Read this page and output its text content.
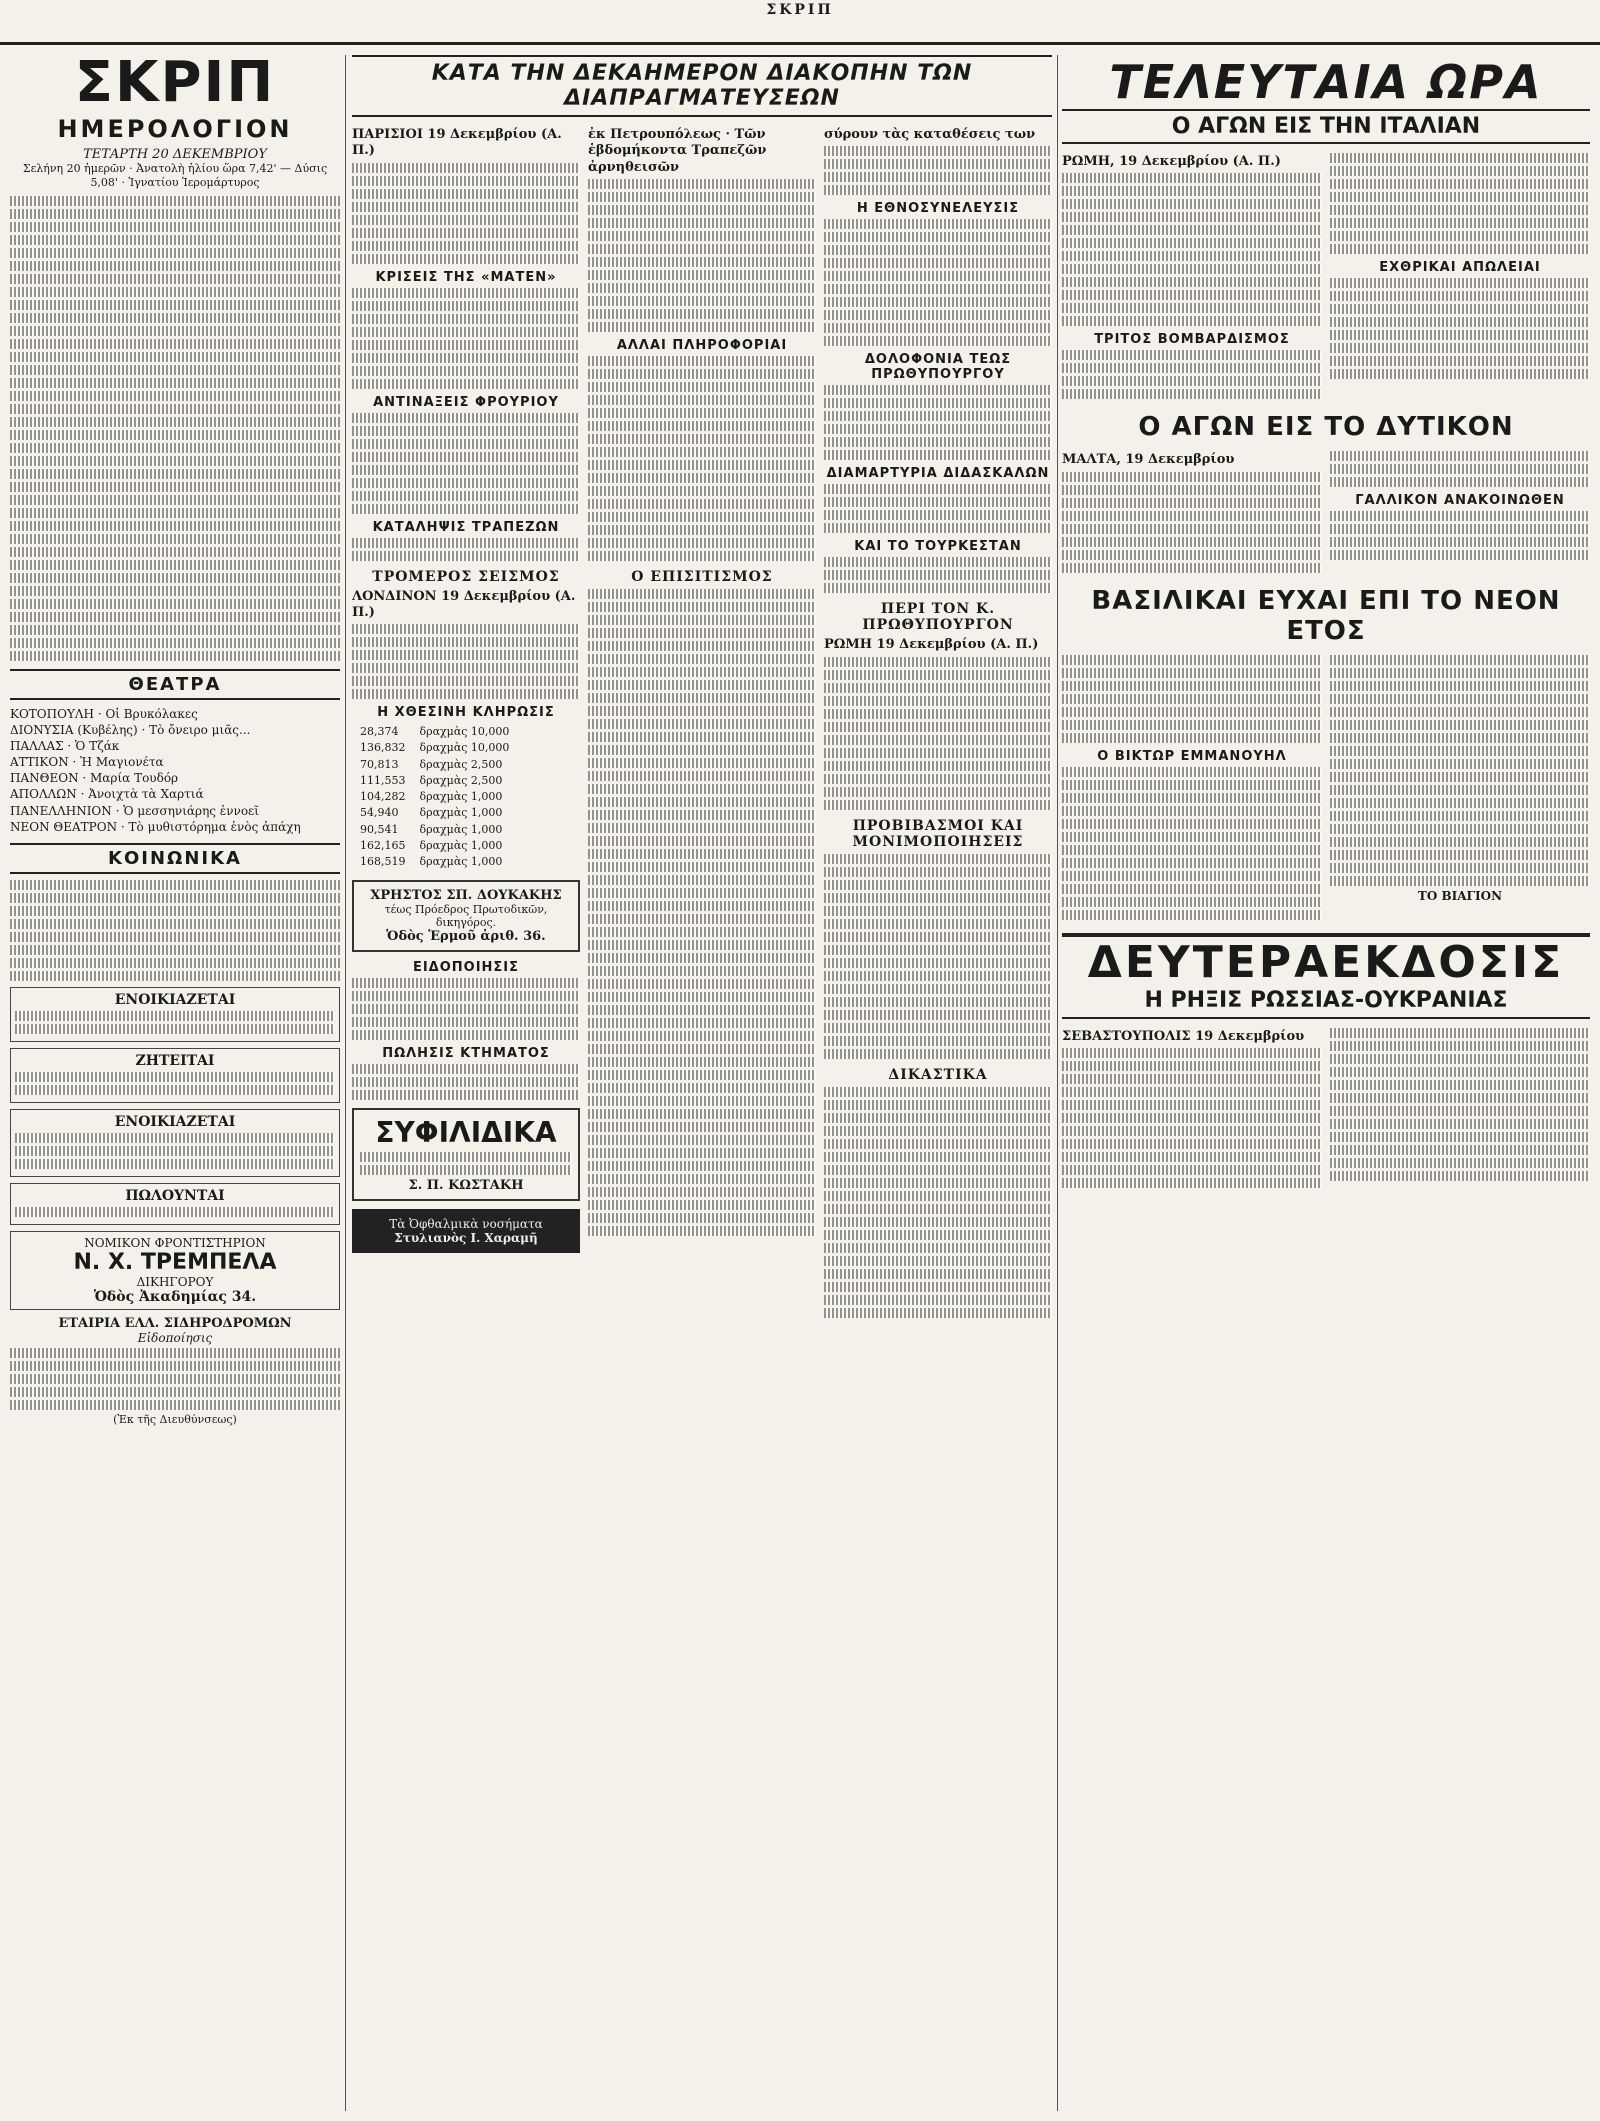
ΣΚΡΙΠ
ΣΚΡΙΠ
ΗΜΕΡΟΛΟΓΙΟΝ
ΤΕΤΑΡΤΗ 20 ΔΕΚΕΜΒΡΙΟΥ
Σελήνη 20 ἡμερῶν · Ἀνατολὴ ἡλίου ὥρα 7,42' — Δύσις 5,08' · Ἰγνατίου Ἱερομάρτυρος
ΘΕΑΤΡΑ
ΚΟΤΟΠΟΥΛΗ · Οἱ Βρυκόλακες
ΔΙΟΝΥΣΙΑ (Κυβέλης) · Τὸ ὄνειρο μιᾶς...
ΠΑΛΛΑΣ · Ὁ Τζάκ
ΑΤΤΙΚΟΝ · Ἡ Μαγιονέτα
ΠΑΝΘΕΟΝ · Μαρία Τουδόρ
ΑΠΟΛΛΩΝ · Ἀνοιχτὰ τὰ Χαρτιά
ΠΑΝΕΛΛΗΝΙΟΝ · Ὁ μεσσηνιάρης ἐννοεῖ
ΝΕΟΝ ΘΕΑΤΡΟΝ · Τὸ μυθιστόρημα ἑνὸς ἀπάχη
ΚΟΙΝΩΝΙΚΑ
ΕΝΟΙΚΙΑΖΕΤΑΙ
ΖΗΤΕΙΤΑΙ
ΕΝΟΙΚΙΑΖΕΤΑΙ
ΠΩΛΟΥΝΤΑΙ
ΝΟΜΙΚΟΝ ΦΡΟΝΤΙΣΤΗΡΙΟΝ
Ν. Χ. ΤΡΕΜΠΕΛΑ
ΔΙΚΗΓΟΡΟΥ
Ὁδὸς Ἀκαδημίας 34.
ΕΤΑΙΡΙΑ ΕΛΛ. ΣΙΔΗΡΟΔΡΟΜΩΝ
Εἰδοποίησις
(Ἐκ τῆς Διευθύνσεως)
ΚΑΤΑ ΤΗΝ ΔΕΚΑΗΜΕΡΟΝ ΔΙΑΚΟΠΗΝ ΤΩΝ ΔΙΑΠΡΑΓΜΑΤΕΥΣΕΩΝ
ΠΑΡΙΣΙΟΙ 19 Δεκεμβρίου (Α. Π.)
ΚΡΙΣΕΙΣ ΤΗΣ «ΜΑΤΕΝ»
ΑΝΤΙΝΑΞΕΙΣ ΦΡΟΥΡΙΟΥ
ΚΑΤΑΛΗΨΙΣ ΤΡΑΠΕΖΩΝ
ΤΡΟΜΕΡΟΣ ΣΕΙΣΜΟΣ
ΛΟΝΔΙΝΟΝ 19 Δεκεμβρίου (Α. Π.)
Η ΧΘΕΣΙΝΗ ΚΛΗΡΩΣΙΣ
28,374	δραχμὰς 10,000
136,832	δραχμὰς 10,000
70,813	δραχμὰς 2,500
111,553	δραχμὰς 2,500
104,282	δραχμὰς 1,000
54,940	δραχμὰς 1,000
90,541	δραχμὰς 1,000
162,165	δραχμὰς 1,000
168,519	δραχμὰς 1,000
ΧΡΗΣΤΟΣ ΣΠ. ΔΟΥΚΑΚΗΣ
τέως Πρόεδρος Πρωτοδικῶν, δικηγόρος.
Ὁδὸς Ἑρμοῦ ἀριθ. 36.
ΕΙΔΟΠΟΙΗΣΙΣ
ΠΩΛΗΣΙΣ ΚΤΗΜΑΤΟΣ
ΣΥΦΙΛΙΔΙΚΑ
Σ. Π. ΚΩΣΤΑΚΗ
Τὰ Ὀφθαλμικὰ νοσήματα
Στυλιανὸς Ι. Χαραμῆ
ἐκ Πετρουπόλεως · Τῶν ἑβδομήκοντα Τραπεζῶν ἀρνηθεισῶν
ΑΛΛΑΙ ΠΛΗΡΟΦΟΡΙΑΙ
Ο ΕΠΙΣΙΤΙΣΜΟΣ
σύρουν τὰς καταθέσεις των
Η ΕΘΝΟΣΥΝΕΛΕΥΣΙΣ
ΔΟΛΟΦΟΝΙΑ ΤΕΩΣ ΠΡΩΘΥΠΟΥΡΓΟΥ
ΔΙΑΜΑΡΤΥΡΙΑ ΔΙΔΑΣΚΑΛΩΝ
ΚΑΙ ΤΟ ΤΟΥΡΚΕΣΤΑΝ
ΠΕΡΙ ΤΟΝ Κ. ΠΡΩΘΥΠΟΥΡΓΟΝ
ΡΩΜΗ 19 Δεκεμβρίου (Α. Π.)
ΠΡΟΒΙΒΑΣΜΟΙ ΚΑΙ ΜΟΝΙΜΟΠΟΙΗΣΕΙΣ
ΔΙΚΑΣΤΙΚΑ
ΤΕΛΕΥΤΑΙΑ ΩΡΑ
Ο ΑΓΩΝ ΕΙΣ ΤΗΝ ΙΤΑΛΙΑΝ
ΡΩΜΗ, 19 Δεκεμβρίου (Α. Π.)
ΤΡΙΤΟΣ ΒΟΜΒΑΡΔΙΣΜΟΣ
ΕΧΘΡΙΚΑΙ ΑΠΩΛΕΙΑΙ
Ο ΑΓΩΝ ΕΙΣ ΤΟ ΔΥΤΙΚΟΝ
ΜΑΛΤΑ, 19 Δεκεμβρίου
ΓΑΛΛΙΚΟΝ ΑΝΑΚΟΙΝΩΘΕΝ
ΒΑΣΙΛΙΚΑΙ ΕΥΧΑΙ ΕΠΙ ΤΟ ΝΕΟΝ ΕΤΟΣ
Ο ΒΙΚΤΩΡ ΕΜΜΑΝΟΥΗΛ
ΤΟ ΒΙΑΓΙΟΝ
ΔΕΥΤΕΡΑΕΚΔΟΣΙΣ
Η ΡΗΞΙΣ ΡΩΣΣΙΑΣ-ΟΥΚΡΑΝΙΑΣ
ΣΕΒΑΣΤΟΥΠΟΛΙΣ 19 Δεκεμβρίου
